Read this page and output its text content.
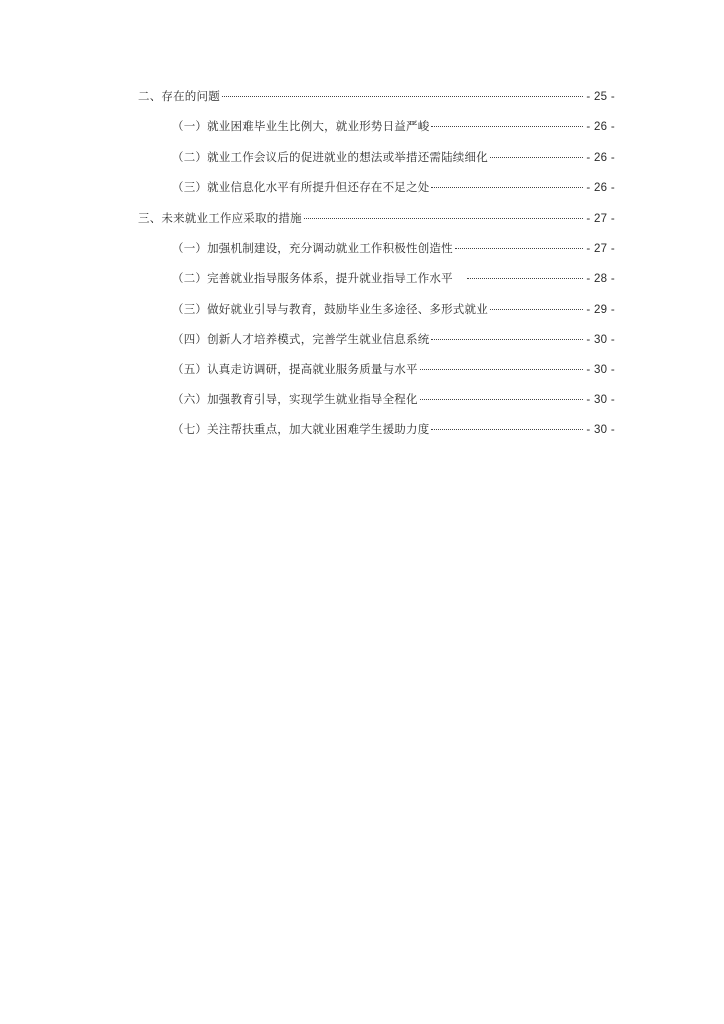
二、存在的问题	- 25 -
（一）就业困难毕业生比例大，就业形势日益严峻	- 26 -
（二）就业工作会议后的促进就业的想法或举措还需陆续细化	- 26 -
（三）就业信息化水平有所提升但还存在不足之处	- 26 -
三、未来就业工作应采取的措施	- 27 -
（一）加强机制建设，充分调动就业工作积极性创造性	- 27 -
（二）完善就业指导服务体系，提升就业指导工作水平	- 28 -
（三）做好就业引导与教育，鼓励毕业生多途径、多形式就业	- 29 -
（四）创新人才培养模式，完善学生就业信息系统	- 30 -
（五）认真走访调研，提高就业服务质量与水平	- 30 -
（六）加强教育引导，实现学生就业指导全程化	- 30 -
（七）关注帮扶重点，加大就业困难学生援助力度	- 30 -
